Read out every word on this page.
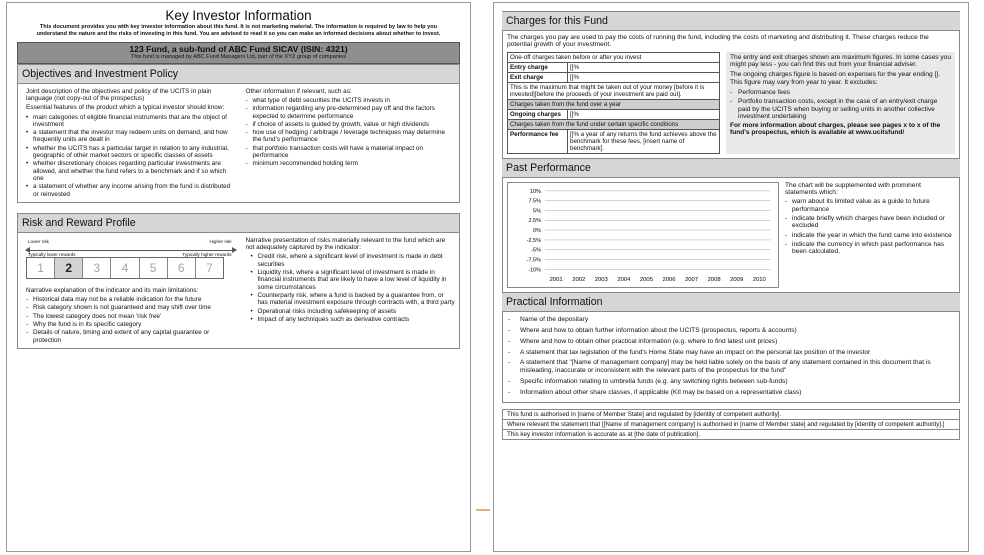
Key Investor Information
This document provides you with key investor information about this fund. It is not marketing material. The information is required by law to help you understand the nature and the risks of investing in this fund. You are advised to read it so you can make an informed decisions about whether to invest.
123 Fund, a sub-fund of ABC Fund SICAV (ISIN: 4321)
This fund is managed by ABC Fund Managers Ltd, part of the XYZ group of companies
Objectives and Investment Policy

Joint description of the objectives and policy of the UCITS in plain language (not copy-out of the prospectus)

Essential features of the product which a typical investor should know:

• main categories of eligible financial instruments that are the object of investment
• a statement that the investor may redeem units on demand, and how frequently units are dealt in
• whether the UCITS has a particular target in relation to any industrial, geographic of other market sectors or specific classes of assets
• whether discretionary choices regarding particular investments are allowed, and whether the fund refers to a benchmark and if so which one
• a statement of whether any income arising from the fund is distributed or reinvested

Other information if relevant, such as:

- what type of debt securities the UCITS invests in
- information regarding any pre-determined pay off and the factors expected to determine performance
- if choice of assets is guided by growth, value or high dividends
- how use of hedging / arbitrage / leverage techniques may determine the fund's performance
- that portfolio transaction costs will have a material impact on performance
- minimum recommended holding term
Risk and Reward Profile
Lower risk	Higher risk
Typically lower rewards	Typically higher rewards
1	2	3	4	5	6	7

Narrative explanation of the indicator and its main limitations:

- Historical data may not be a reliable indication for the future
- Risk category shown is not guaranteed and may shift over time
- The lowest category does not mean 'risk free'
- Why the fund is in its specific category
- Details of nature, timing and extent of any capital guarantee or protection

Narrative presentation of risks materially relevant to the fund which are not adequately captured by the indicator:

• Credit risk, where a significant level of investment is made in debt securities
• Liquidity risk, where a significant level of investment is made in financial instruments that are likely to have a low level of liquidity in some circumstances
• Counterparty risk, where a fund is backed by a guarantee from, or has material investment exposure through contracts with, a third party
• Operational risks including safekeeping of assets
• Impact of any techniques such as derivative contracts
Charges for this Fund
The charges you pay are used to pay the costs of running the fund, including the costs of marketing and distributing it. These charges reduce the potential growth of your investment.
One-off charges taken before or after you invest	
Entry charge	[]%
Exit charge	[]%
This is the maximum that might be taken out of your money [before it is invested][before the proceeds of your investment are paid out].	
Charges taken from the fund over a year	
Ongoing charges	[]%
Charges taken from the fund under certain specific conditions	
Performance fee	[]% a year of any returns the fund achieves above the benchmark for these fees, [insert name of benchmark].

The entry and exit charges shown are maximum figures. In some cases you might pay less - you can find this out from your financial adviser.

The ongoing charges figure is based on expenses for the year ending []. This figure may vary from year to year. It excludes:

- Performance fees
- Portfolio transaction costs, except in the case of an entry/exit charge paid by the UCITS when buying or selling units in another collective investment undertaking

For more information about charges, please see pages x to x of the fund's prospectus, which is available at www.ucitsfund/

Past Performance
10%
7.5%
5%
2.5%
0%
-2.5%
-5%
-7.5%
-10%
2001 2002 2003 2004 2005 2006 2007 2008 2009 2010
The chart will be supplemented with prominent statements which:
- warn about its limited value as a guide to future performance
- indicate briefly which charges have been included or excluded
- indicate the year in which the fund came into existence
- indicate the currency in which past performance has been calculated.
Practical Information
- Name of the depositary
- Where and how to obtain further information about the UCITS (prospectus, reports & accounts)
- Where and how to obtain other practical information (e.g. where to find latest unit prices)
- A statement that tax legislation of the fund's Home State may have an impact on the personal tax position of the investor
- A statement that "[Name of management company] may be held liable solely on the basis of any statement contained in this document that is misleading, inaccurate or inconsistent with the relevant parts of the prospectus for the fund"
- Specific information relating to umbrella funds (e.g. any switching rights between sub-funds)
- Information about other share classes, if applicable (KII may be based on a representative class)
This fund is authorised in [name of Member State] and regulated by [identity of competent authority].
Where relevant the statement that [[Name of management company] is authorised in [name of Member state] and regulated by [identity of competent authority].]
This key investor information is accurate as at [the date of publication].
